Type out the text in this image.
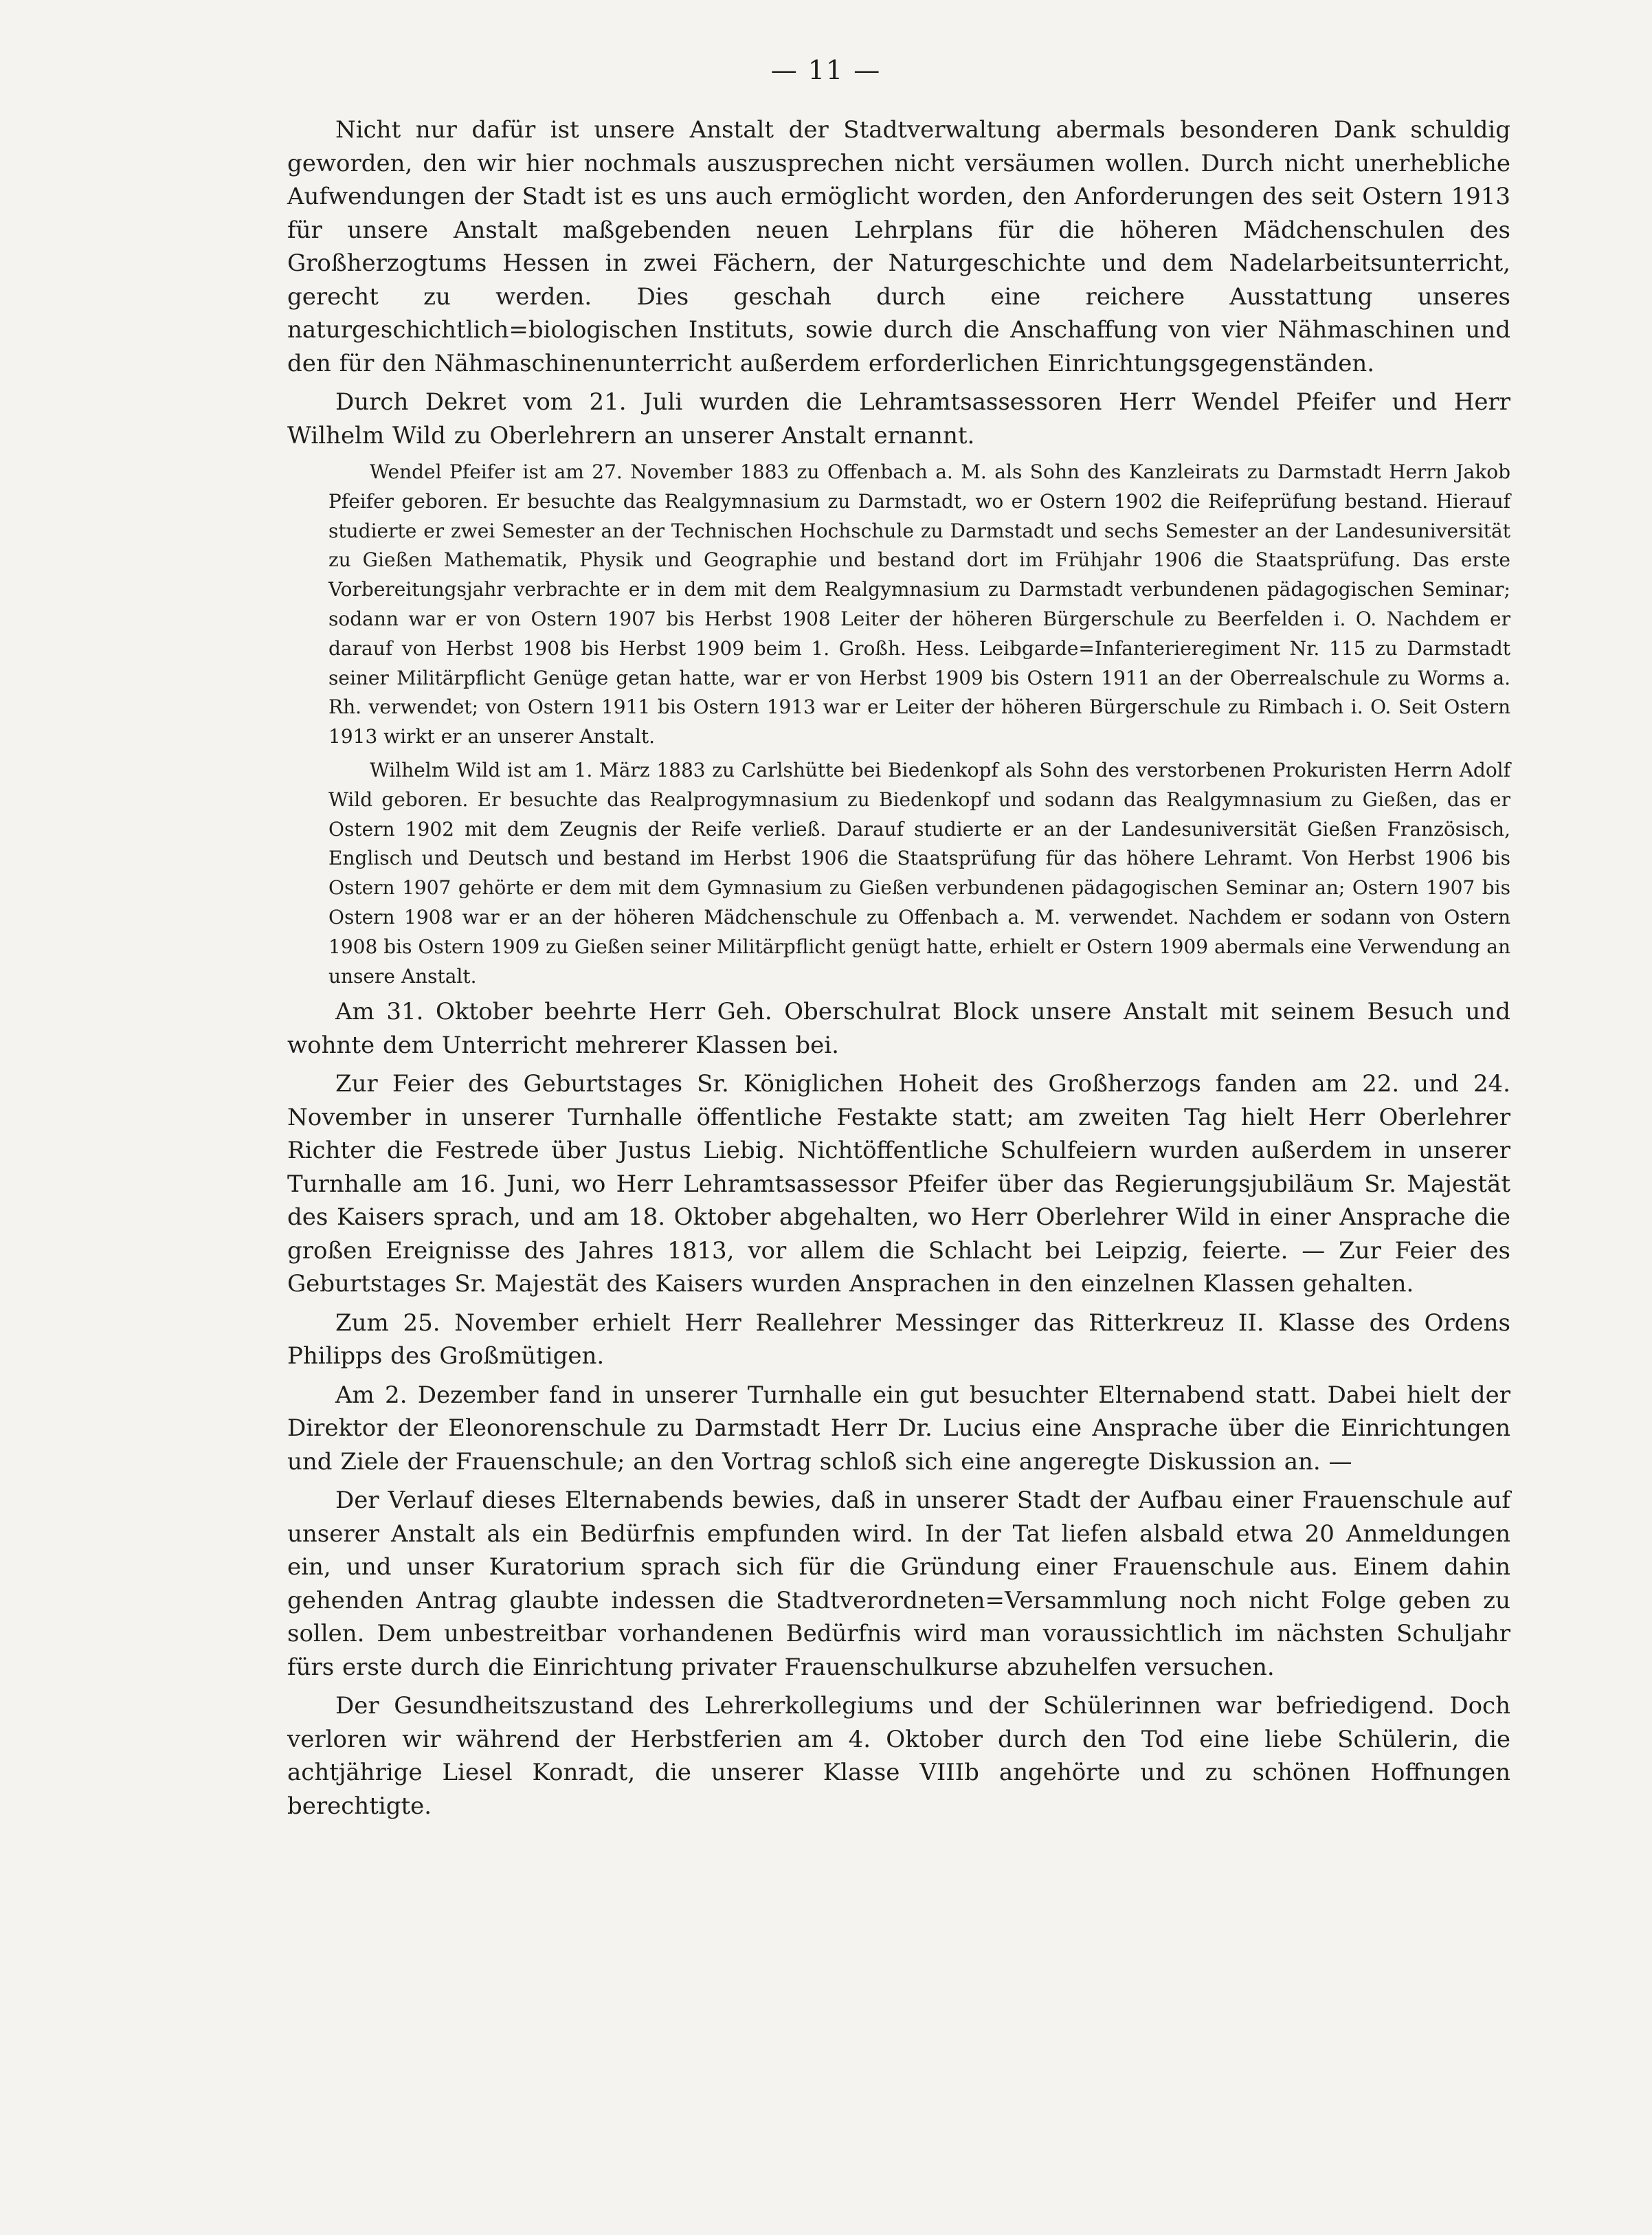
— 11 —

Nicht nur dafür ist unsere Anstalt der Stadtverwaltung abermals besonderen Dank schuldig geworden, den wir hier nochmals auszusprechen nicht versäumen wollen. Durch nicht unerhebliche Aufwendungen der Stadt ist es uns auch ermöglicht worden, den Anforderungen des seit Ostern 1913 für unsere Anstalt maßgebenden neuen Lehrplans für die höheren Mädchenschulen des Großherzogtums Hessen in zwei Fächern, der Naturgeschichte und dem Nadelarbeitsunterricht, gerecht zu werden. Dies geschah durch eine reichere Ausstattung unseres naturgeschichtlich=biologischen Instituts, sowie durch die Anschaffung von vier Nähmaschinen und den für den Nähmaschinenunterricht außerdem erforderlichen Einrichtungsgegenständen.

Durch Dekret vom 21. Juli wurden die Lehramtsassessoren Herr Wendel Pfeifer und Herr Wilhelm Wild zu Oberlehrern an unserer Anstalt ernannt.

Wendel Pfeifer ist am 27. November 1883 zu Offenbach a. M. als Sohn des Kanzleirats zu Darmstadt Herrn Jakob Pfeifer geboren. Er besuchte das Realgymnasium zu Darmstadt, wo er Ostern 1902 die Reifeprüfung bestand. Hierauf studierte er zwei Semester an der Technischen Hochschule zu Darmstadt und sechs Semester an der Landesuniversität zu Gießen Mathematik, Physik und Geographie und bestand dort im Frühjahr 1906 die Staatsprüfung. Das erste Vorbereitungsjahr verbrachte er in dem mit dem Realgymnasium zu Darmstadt verbundenen pädagogischen Seminar; sodann war er von Ostern 1907 bis Herbst 1908 Leiter der höheren Bürgerschule zu Beerfelden i. O. Nachdem er darauf von Herbst 1908 bis Herbst 1909 beim 1. Großh. Hess. Leibgarde=Infanterieregiment Nr. 115 zu Darmstadt seiner Militärpflicht Genüge getan hatte, war er von Herbst 1909 bis Ostern 1911 an der Oberrealschule zu Worms a. Rh. verwendet; von Ostern 1911 bis Ostern 1913 war er Leiter der höheren Bürgerschule zu Rimbach i. O. Seit Ostern 1913 wirkt er an unserer Anstalt.

Wilhelm Wild ist am 1. März 1883 zu Carlshütte bei Biedenkopf als Sohn des verstorbenen Prokuristen Herrn Adolf Wild geboren. Er besuchte das Realprogymnasium zu Biedenkopf und sodann das Realgymnasium zu Gießen, das er Ostern 1902 mit dem Zeugnis der Reife verließ. Darauf studierte er an der Landesuniversität Gießen Französisch, Englisch und Deutsch und bestand im Herbst 1906 die Staatsprüfung für das höhere Lehramt. Von Herbst 1906 bis Ostern 1907 gehörte er dem mit dem Gymnasium zu Gießen verbundenen pädagogischen Seminar an; Ostern 1907 bis Ostern 1908 war er an der höheren Mädchenschule zu Offenbach a. M. verwendet. Nachdem er sodann von Ostern 1908 bis Ostern 1909 zu Gießen seiner Militärpflicht genügt hatte, erhielt er Ostern 1909 abermals eine Verwendung an unsere Anstalt.

Am 31. Oktober beehrte Herr Geh. Oberschulrat Block unsere Anstalt mit seinem Besuch und wohnte dem Unterricht mehrerer Klassen bei.

Zur Feier des Geburtstages Sr. Königlichen Hoheit des Großherzogs fanden am 22. und 24. November in unserer Turnhalle öffentliche Festakte statt; am zweiten Tag hielt Herr Oberlehrer Richter die Festrede über Justus Liebig. Nichtöffentliche Schulfeiern wurden außerdem in unserer Turnhalle am 16. Juni, wo Herr Lehramtsassessor Pfeifer über das Regierungsjubiläum Sr. Majestät des Kaisers sprach, und am 18. Oktober abgehalten, wo Herr Oberlehrer Wild in einer Ansprache die großen Ereignisse des Jahres 1813, vor allem die Schlacht bei Leipzig, feierte. — Zur Feier des Geburtstages Sr. Majestät des Kaisers wurden Ansprachen in den einzelnen Klassen gehalten.

Zum 25. November erhielt Herr Reallehrer Messinger das Ritterkreuz II. Klasse des Ordens Philipps des Großmütigen.

Am 2. Dezember fand in unserer Turnhalle ein gut besuchter Elternabend statt. Dabei hielt der Direktor der Eleonorenschule zu Darmstadt Herr Dr. Lucius eine Ansprache über die Einrichtungen und Ziele der Frauenschule; an den Vortrag schloß sich eine angeregte Diskussion an. —

Der Verlauf dieses Elternabends bewies, daß in unserer Stadt der Aufbau einer Frauenschule auf unserer Anstalt als ein Bedürfnis empfunden wird. In der Tat liefen alsbald etwa 20 Anmeldungen ein, und unser Kuratorium sprach sich für die Gründung einer Frauenschule aus. Einem dahin gehenden Antrag glaubte indessen die Stadtverordneten=Versammlung noch nicht Folge geben zu sollen. Dem unbestreitbar vorhandenen Bedürfnis wird man voraussichtlich im nächsten Schuljahr fürs erste durch die Einrichtung privater Frauenschulkurse abzuhelfen versuchen.

Der Gesundheitszustand des Lehrerkollegiums und der Schülerinnen war befriedigend. Doch verloren wir während der Herbstferien am 4. Oktober durch den Tod eine liebe Schülerin, die achtjährige Liesel Konradt, die unserer Klasse VIIIb angehörte und zu schönen Hoffnungen berechtigte.
